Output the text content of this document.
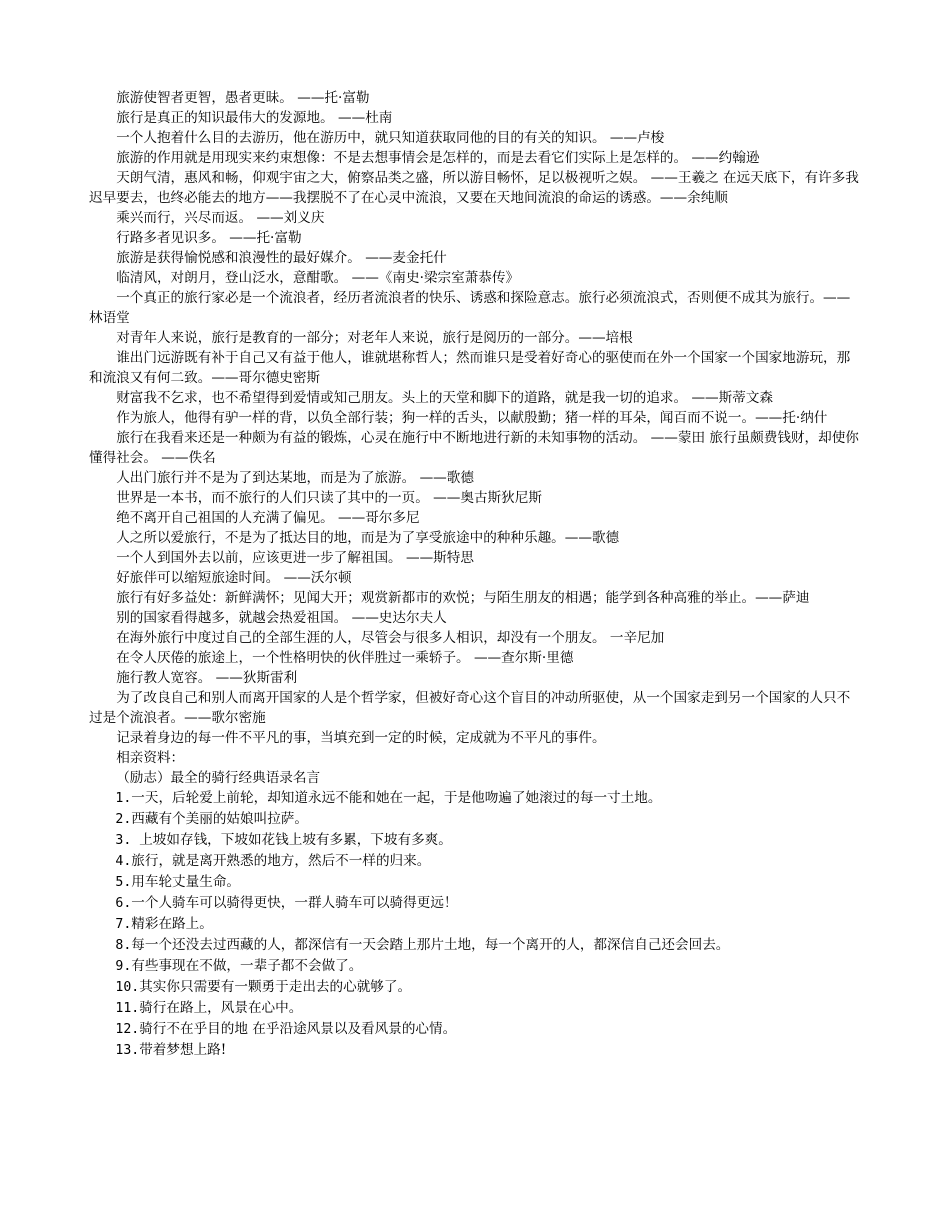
旅游使智者更智，愚者更昧。 ——托·富勒

旅行是真正的知识最伟大的发源地。 ——杜南

一个人抱着什么目的去游历，他在游历中，就只知道获取同他的目的有关的知识。 ——卢梭

旅游的作用就是用现实来约束想像：不是去想事情会是怎样的，而是去看它们实际上是怎样的。 ——约翰逊

天朗气清，惠风和畅，仰观宇宙之大，俯察品类之盛，所以游目畅怀，足以极视听之娱。 ——王羲之 在远天底下，有许多我迟早要去，也终必能去的地方——我摆脱不了在心灵中流浪，又要在天地间流浪的命运的诱惑。——余纯顺

乘兴而行，兴尽而返。 ——刘义庆

行路多者见识多。 ——托·富勒

旅游是获得愉悦感和浪漫性的最好媒介。 ——麦金托什

临清风，对朗月，登山泛水，意酣歌。 ——《南史·梁宗室萧恭传》

一个真正的旅行家必是一个流浪者，经历者流浪者的快乐、诱惑和探险意志。旅行必须流浪式，否则便不成其为旅行。——林语堂

对青年人来说，旅行是教育的一部分；对老年人来说，旅行是阅历的一部分。——培根

谁出门远游既有补于自己又有益于他人，谁就堪称哲人；然而谁只是受着好奇心的驱使而在外一个国家一个国家地游玩，那和流浪又有何二致。——哥尔德史密斯

财富我不乞求，也不希望得到爱情或知己朋友。头上的天堂和脚下的道路，就是我一切的追求。 ——斯蒂文森

作为旅人，他得有驴一样的背，以负全部行装；狗一样的舌头，以献殷勤；猪一样的耳朵，闻百而不说一。——托·纳什

旅行在我看来还是一种颇为有益的锻炼，心灵在施行中不断地进行新的未知事物的活动。 ——蒙田 旅行虽颇费钱财，却使你懂得社会。 ——佚名

人出门旅行并不是为了到达某地，而是为了旅游。 ——歌德

世界是一本书，而不旅行的人们只读了其中的一页。 ——奥古斯狄尼斯

绝不离开自己祖国的人充满了偏见。 ——哥尔多尼

人之所以爱旅行，不是为了抵达目的地，而是为了享受旅途中的种种乐趣。——歌德

一个人到国外去以前，应该更进一步了解祖国。 ——斯特思

好旅伴可以缩短旅途时间。 ——沃尔顿

旅行有好多益处：新鲜满怀；见闻大开；观赏新都市的欢悦；与陌生朋友的相遇；能学到各种高雅的举止。——萨迪

别的国家看得越多，就越会热爱祖国。 ——史达尔夫人

在海外旅行中度过自己的全部生涯的人，尽管会与很多人相识，却没有一个朋友。 一辛尼加

在令人厌倦的旅途上，一个性格明快的伙伴胜过一乘轿子。 ——查尔斯·里德

施行教人宽容。 ——狄斯雷利

为了改良自己和别人而离开国家的人是个哲学家，但被好奇心这个盲目的冲动所驱使，从一个国家走到另一个国家的人只不过是个流浪者。——歌尔密施

记录着身边的每一件不平凡的事，当填充到一定的时候，定成就为不平凡的事件。

相亲资料：

（励志）最全的骑行经典语录名言

1.一天，后轮爱上前轮，却知道永远不能和她在一起，于是他吻遍了她滚过的每一寸土地。

2.西藏有个美丽的姑娘叫拉萨。

3. 上坡如存钱，下坡如花钱上坡有多累，下坡有多爽。

4.旅行，就是离开熟悉的地方，然后不一样的归来。

5.用车轮丈量生命。

6.一个人骑车可以骑得更快，一群人骑车可以骑得更远！

7.精彩在路上。

8.每一个还没去过西藏的人，都深信有一天会踏上那片土地，每一个离开的人，都深信自己还会回去。

9.有些事现在不做，一辈子都不会做了。

10.其实你只需要有一颗勇于走出去的心就够了。

11.骑行在路上，风景在心中。

12.骑行不在乎目的地 在乎沿途风景以及看风景的心情。

13.带着梦想上路!
